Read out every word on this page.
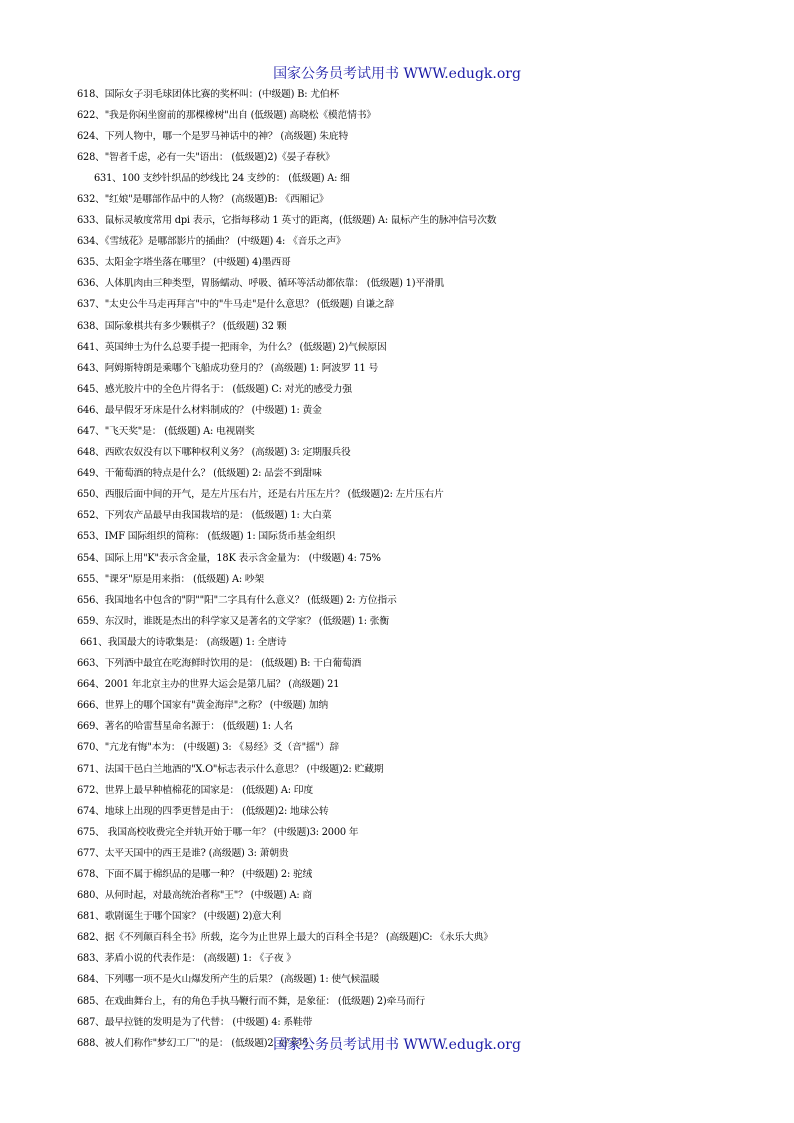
国家公务员考试用书 WWW.edugk.org
618、国际女子羽毛球团体比赛的奖杯叫：(中级题) B: 尤伯杯
622、"我是你闲坐窗前的那棵橡树"出自 (低级题) 高晓松《模范情书》
624、下列人物中，哪一个是罗马神话中的神？ (高级题) 朱庇特
628、"智者千虑，必有一失"语出： (低级题)2)《晏子春秋》
631、100 支纱针织品的纱线比 24 支纱的： (低级题) A: 细
632、"红娘"是哪部作品中的人物？ (高级题)B: 《西厢记》
633、鼠标灵敏度常用 dpi 表示，它指每移动 1 英寸的距离，(低级题) A: 鼠标产生的脉冲信号次数
634、《雪绒花》是哪部影片的插曲？ (中级题) 4: 《音乐之声》
635、太阳金字塔坐落在哪里？ (中级题) 4)墨西哥
636、人体肌肉由三种类型，胃肠蠕动、呼吸、循环等活动都依靠： (低级题) 1)平滑肌
637、"太史公牛马走再拜言"中的"牛马走"是什么意思？ (低级题) 自谦之辞
638、国际象棋共有多少颗棋子？ (低级题) 32 颗
641、英国绅士为什么总要手提一把雨伞，为什么？ (低级题) 2)气候原因
643、阿姆斯特朗是乘哪个飞船成功登月的？ (高级题) 1: 阿波罗 11 号
645、感光胶片中的全色片得名于： (低级题) C: 对光的感受力强
646、最早假牙牙床是什么材料制成的？ (中级题) 1: 黄金
647、"飞天奖"是： (低级题) A: 电视剧奖
648、西欧农奴没有以下哪种权利义务？ (高级题) 3: 定期服兵役
649、干葡萄酒的特点是什么？ (低级题) 2: 品尝不到甜味
650、西服后面中间的开气，是左片压右片，还是右片压左片？ (低级题)2: 左片压右片
652、下列农产品最早由我国栽培的是： (低级题) 1: 大白菜
653、IMF 国际组织的简称： (低级题) 1: 国际货币基金组织
654、国际上用"K"表示含金量，18K 表示含金量为： (中级题) 4: 75%
655、"课牙"原是用来指： (低级题) A: 吵架
656、我国地名中包含的"阴""阳"二字具有什么意义？ (低级题) 2: 方位指示
659、东汉时，谁既是杰出的科学家又是著名的文学家？ (低级题) 1: 张衡
661、我国最大的诗歌集是： (高级题) 1: 全唐诗
663、下列酒中最宜在吃海鲜时饮用的是： (低级题) B: 干白葡萄酒
664、2001 年北京主办的世界大运会是第几届？ (高级题) 21
666、世界上的哪个国家有"黄金海岸"之称？ (中级题) 加纳
669、著名的哈雷彗星命名源于： (低级题) 1: 人名
670、"亢龙有悔"本为： (中级题) 3: 《易经》爻（音"摇"）辞
671、法国干邑白兰地酒的"X.O"标志表示什么意思？ (中级题)2: 贮藏期
672、世界上最早种植棉花的国家是： (低级题) A: 印度
674、地球上出现的四季更替是由于： (低级题)2: 地球公转
675、 我国高校收费完全并轨开始于哪一年？ (中级题)3: 2000 年
677、太平天国中的西王是谁? (高级题) 3: 萧朝贵
678、下面不属于棉织品的是哪一种？ (中级题) 2: 驼绒
680、从何时起，对最高统治者称"王"？ (中级题) A: 商
681、歌剧诞生于哪个国家？ (中级题) 2)意大利
682、据《不列颠百科全书》所载，迄今为止世界上最大的百科全书是？ (高级题)C: 《永乐大典》
683、茅盾小说的代表作是： (高级题) 1: 《子夜 》
684、下列哪一项不是火山爆发所产生的后果？ (高级题) 1: 使气候温暖
685、在戏曲舞台上，有的角色手执马鞭行而不舞，是象征： (低级题) 2)牵马而行
687、最早拉链的发明是为了代替： (中级题) 4: 系鞋带
688、被人们称作"梦幻工厂"的是： (低级题)2: 好莱坞
国家公务员考试用书 WWW.edugk.org
